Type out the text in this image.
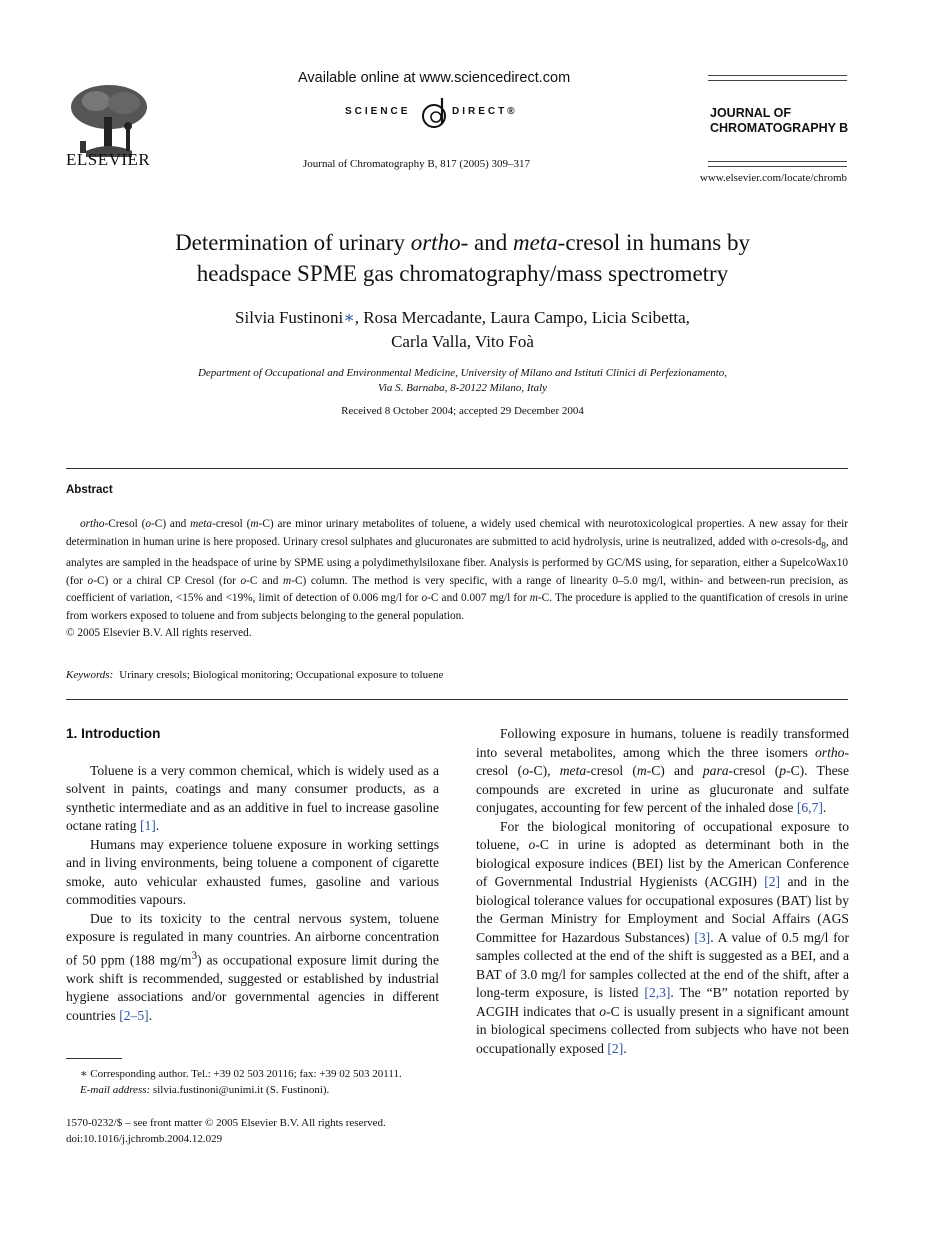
ELSEVIER
Available online at www.sciencedirect.com
SCIENCE	DIRECT®
Journal of Chromatography B, 817 (2005) 309–317
JOURNAL OF
CHROMATOGRAPHY B
www.elsevier.com/locate/chromb
Determination of urinary ortho- and meta-cresol in humans by
headspace SPME gas chromatography/mass spectrometry
Silvia Fustinoni∗, Rosa Mercadante, Laura Campo, Licia Scibetta,
Carla Valla, Vito Foà
Department of Occupational and Environmental Medicine, University of Milano and Istituti Clinici di Perfezionamento,
Via S. Barnaba, 8-20122 Milano, Italy
Received 8 October 2004; accepted 29 December 2004
Abstract

ortho-Cresol (o-C) and meta-cresol (m-C) are minor urinary metabolites of toluene, a widely used chemical with neurotoxicological properties. A new assay for their determination in human urine is here proposed. Urinary cresol sulphates and glucuronates are submitted to acid hydrolysis, urine is neutralized, added with $o-cresols-d_8$, and analytes are sampled in the headspace of urine by SPME using a polydimethylsiloxane fiber. Analysis is performed by GC/MS using, for separation, either a SupelcoWax10 (for o-C) or a chiral CP Cresol (for o-C and m-C) column. The method is very specific, with a range of linearity 0–5.0 mg/l, within- and between-run precision, as coefficient of variation, <15% and <19%, limit of detection of 0.006 mg/l for o-C and 0.007 mg/l for m-C. The procedure is applied to the quantification of cresols in urine from workers exposed to toluene and from subjects belonging to the general population.

© 2005 Elsevier B.V. All rights reserved.
Keywords: Urinary cresols; Biological monitoring; Occupational exposure to toluene
1. Introduction

Toluene is a very common chemical, which is widely used as a solvent in paints, coatings and many consumer products, as a synthetic intermediate and as an additive in fuel to increase gasoline octane rating [1].

Humans may experience toluene exposure in working settings and in living environments, being toluene a component of cigarette smoke, auto vehicular exhausted fumes, gasoline and various commodities vapours.

Due to its toxicity to the central nervous system, toluene exposure is regulated in many countries. An airborne concentration of 50 ppm (188 $mg/m^3$) as occupational exposure limit during the work shift is recommended, suggested or established by industrial hygiene associations and/or governmental agencies in different countries [2–5].

Following exposure in humans, toluene is readily transformed into several metabolites, among which the three isomers ortho-cresol (o-C), meta-cresol (m-C) and para-cresol (p-C). These compounds are excreted in urine as glucuronate and sulfate conjugates, accounting for few percent of the inhaled dose [6,7].

For the biological monitoring of occupational exposure to toluene, o-C in urine is adopted as determinant both in the biological exposure indices (BEI) list by the American Conference of Governmental Industrial Hygienists (ACGIH) [2] and in the biological tolerance values for occupational exposures (BAT) list by the German Ministry for Employment and Social Affairs (AGS Committee for Hazardous Substances) [3]. A value of 0.5 mg/l for samples collected at the end of the shift is suggested as a BEI, and a BAT of 3.0 mg/l for samples collected at the end of the shift, after a long-term exposure, is listed [2,3]. The “B” notation reported by ACGIH indicates that o-C is usually present in a significant amount in biological specimens collected from subjects who have not been occupationally exposed [2].

∗ Corresponding author. Tel.: +39 02 503 20116; fax: +39 02 503 20111.
E-mail address: silvia.fustinoni@unimi.it (S. Fustinoni).
1570-0232/$ – see front matter © 2005 Elsevier B.V. All rights reserved.
doi:10.1016/j.jchromb.2004.12.029
